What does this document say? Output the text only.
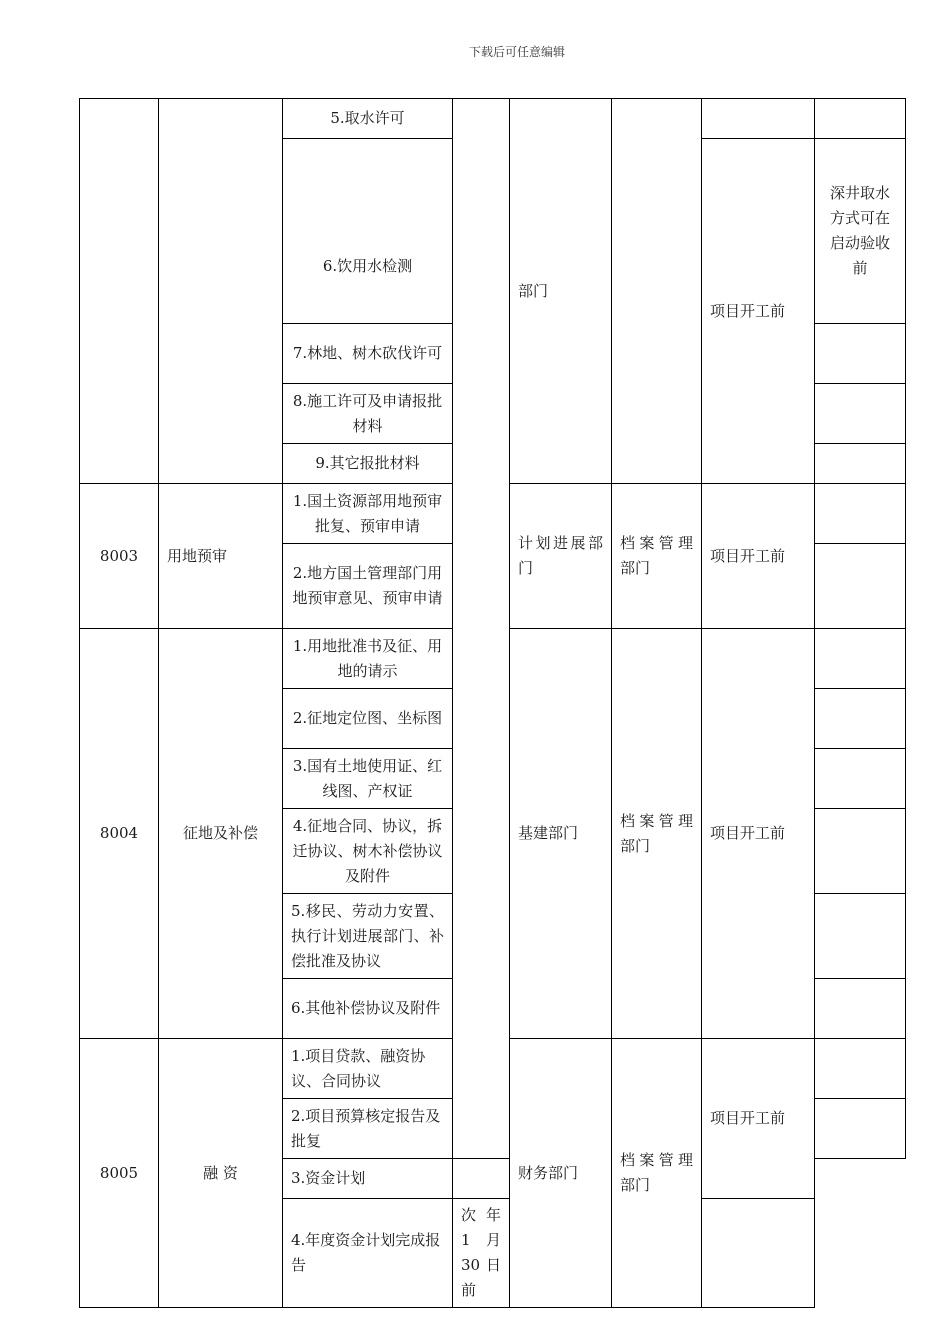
下载后可任意编辑
		5.取水许可		部门			
		6.饮用水检测				项目开工前	深井取水方式可在启动验收前
		7.林地、树木砍伐许可					
		8.施工许可及申请报批材料					
		9.其它报批材料					

8003	用地预审	1.国土资源部用地预审批复、预审申请		计划进展部门	档案管理部门	项目开工前	
		2.地方国土管理部门用地预审意见、预审申请					
8004	征地及补偿	1.用地批准书及征、用地的请示		基建部门	档案管理部门	项目开工前	
		2.征地定位图、坐标图					
		3.国有土地使用证、红线图、产权证					
		4.征地合同、协议，拆迁协议、树木补偿协议及附件					
		5.移民、劳动力安置、执行计划进展部门、补偿批准及协议					
		6.其他补偿协议及附件					
8005	融 资	1.项目贷款、融资协议、合同协议		财务部门	档案管理部门	项目开工前	
		2.项目预算核定报告及批复					
		3.资金计划					
		4.年度资金计划完成报告	次年 1 月 30 日前				
